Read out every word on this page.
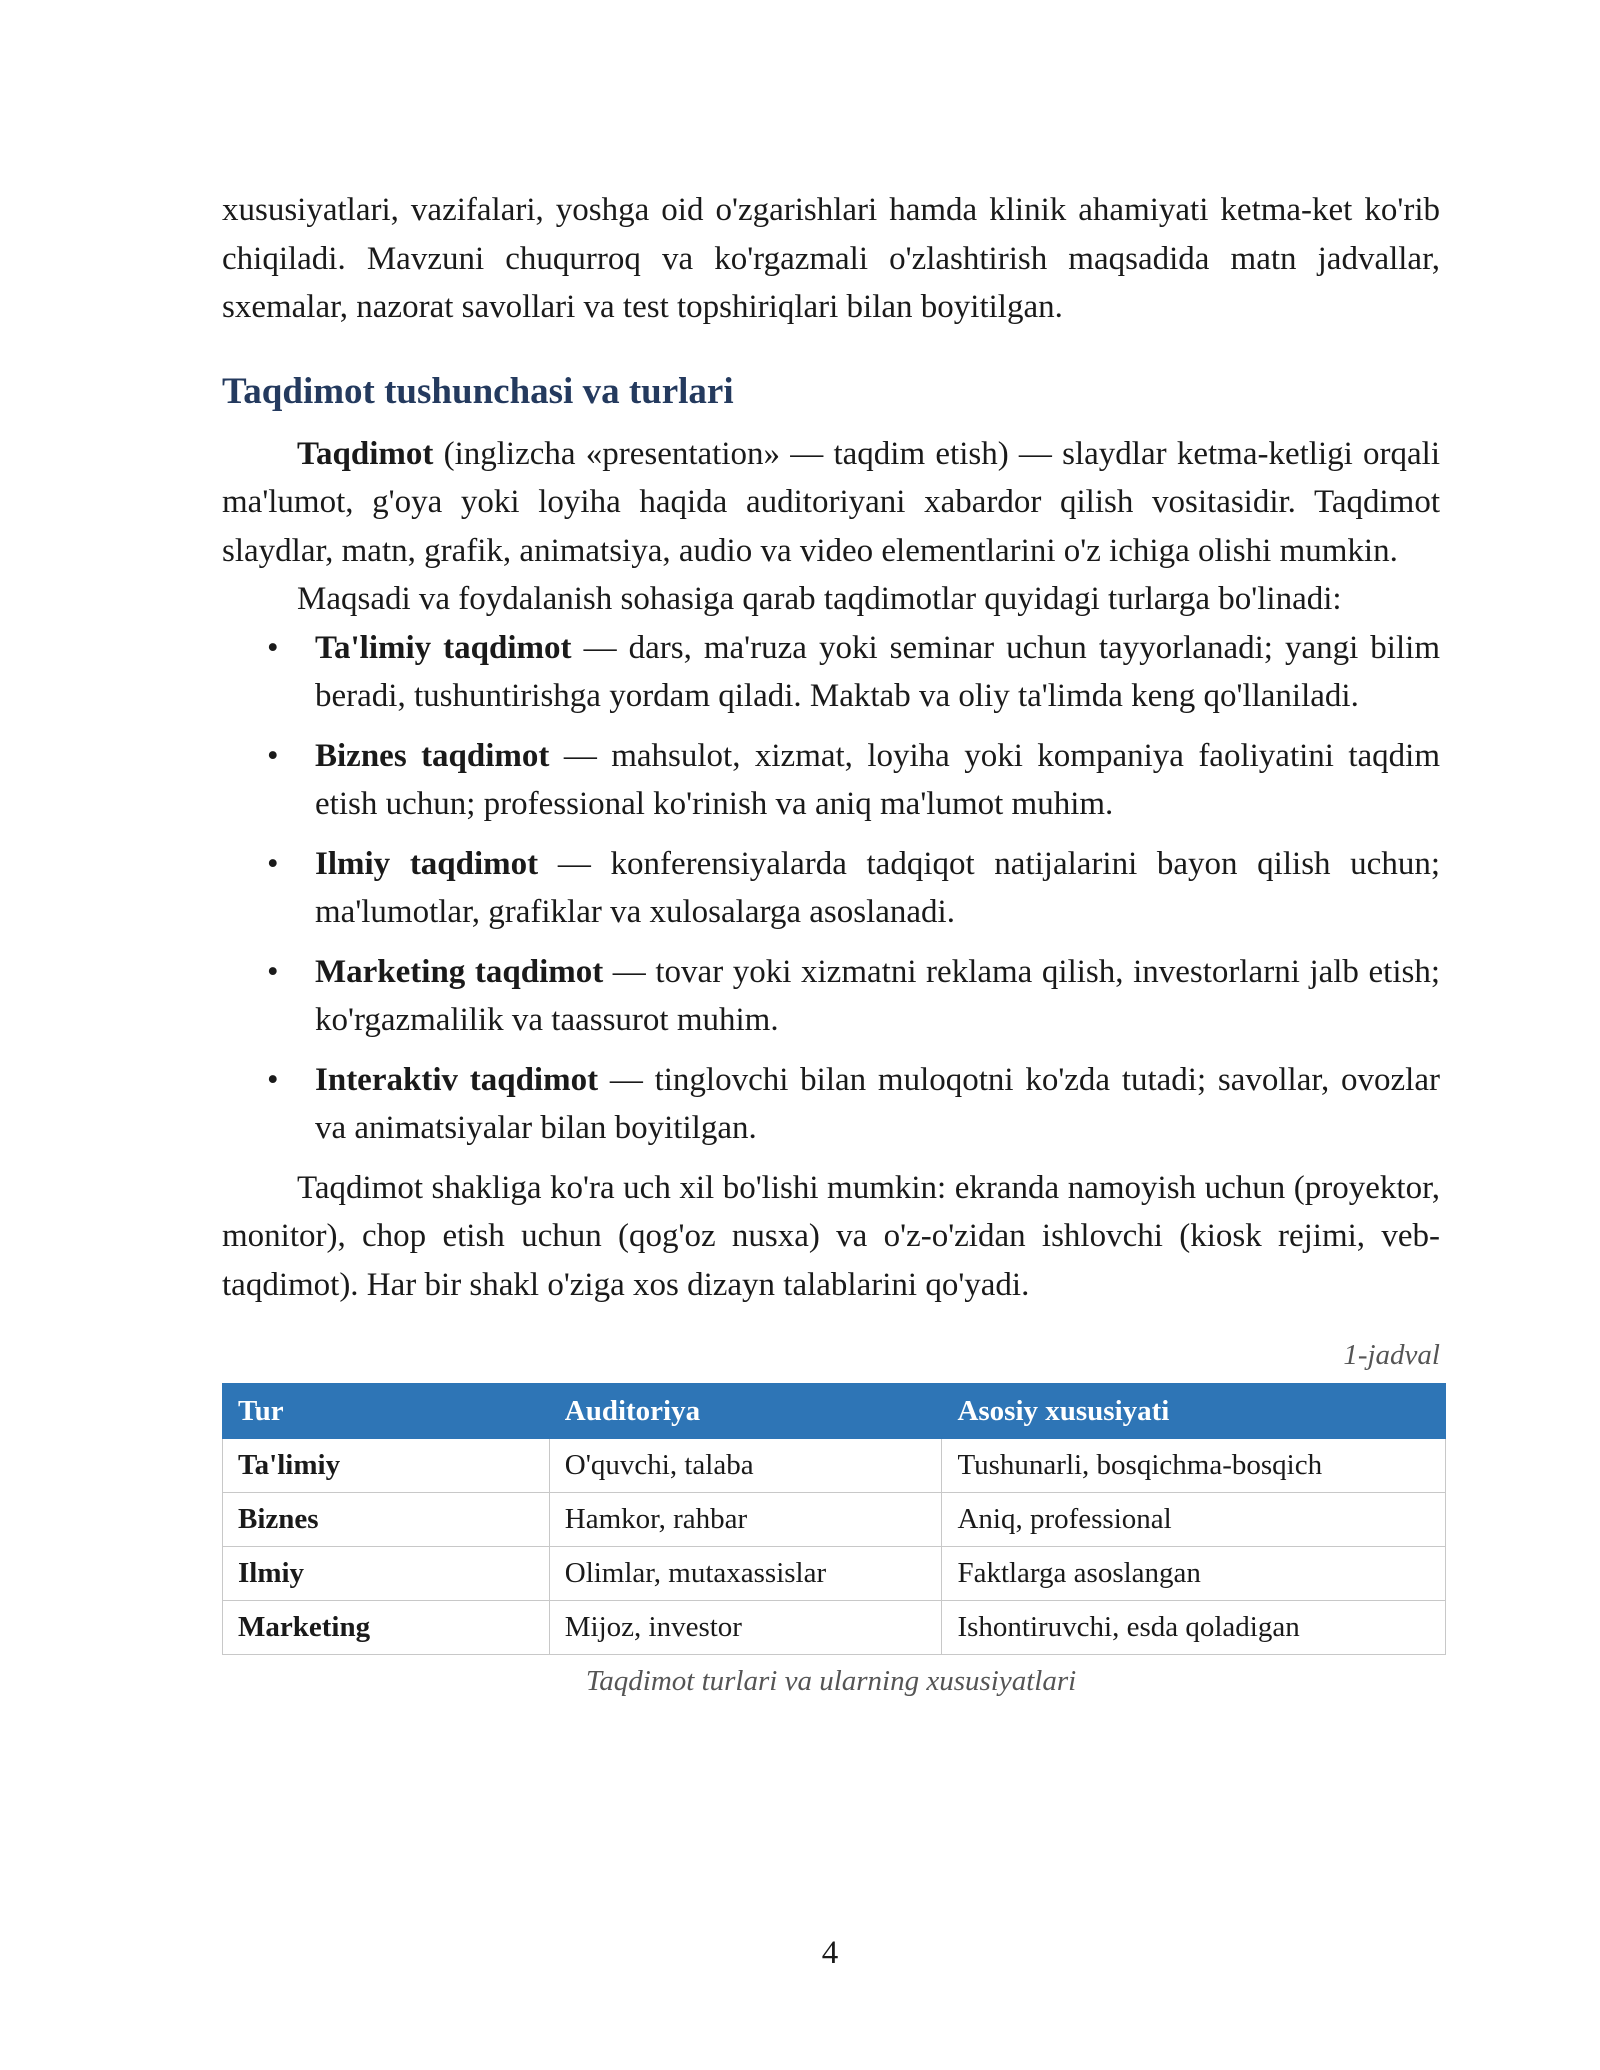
xususiyatlari, vazifalari, yoshga oid o'zgarishlari hamda klinik ahamiyati ketma-ket ko'rib chiqiladi. Mavzuni chuqurroq va ko'rgazmali o'zlashtirish maqsadida matn jadvallar, sxemalar, nazorat savollari va test topshiriqlari bilan boyitilgan.

Taqdimot tushunchasi va turlari

Taqdimot (inglizcha «presentation» — taqdim etish) — slaydlar ketma-ketligi orqali ma'lumot, g'oya yoki loyiha haqida auditoriyani xabardor qilish vositasidir. Taqdimot slaydlar, matn, grafik, animatsiya, audio va video elementlarini o'z ichiga olishi mumkin.

Maqsadi va foydalanish sohasiga qarab taqdimotlar quyidagi turlarga bo'linadi:

• Ta'limiy taqdimot — dars, ma'ruza yoki seminar uchun tayyorlanadi; yangi bilim beradi, tushuntirishga yordam qiladi. Maktab va oliy ta'limda keng qo'llaniladi.
• Biznes taqdimot — mahsulot, xizmat, loyiha yoki kompaniya faoliyatini taqdim etish uchun; professional ko'rinish va aniq ma'lumot muhim.
• Ilmiy taqdimot — konferensiyalarda tadqiqot natijalarini bayon qilish uchun; ma'lumotlar, grafiklar va xulosalarga asoslanadi.
• Marketing taqdimot — tovar yoki xizmatni reklama qilish, investorlarni jalb etish; ko'rgazmalilik va taassurot muhim.
• Interaktiv taqdimot — tinglovchi bilan muloqotni ko'zda tutadi; savollar, ovozlar va animatsiyalar bilan boyitilgan.

Taqdimot shakliga ko'ra uch xil bo'lishi mumkin: ekranda namoyish uchun (proyektor, monitor), chop etish uchun (qog'oz nusxa) va o'z-o'zidan ishlovchi (kiosk rejimi, veb-taqdimot). Har bir shakl o'ziga xos dizayn talablarini qo'yadi.

1-jadval
Tur	Auditoriya	Asosiy xususiyati
Ta'limiy	O'quvchi, talaba	Tushunarli, bosqichma-bosqich
Biznes	Hamkor, rahbar	Aniq, professional
Ilmiy	Olimlar, mutaxassislar	Faktlarga asoslangan
Marketing	Mijoz, investor	Ishontiruvchi, esda qoladigan
Taqdimot turlari va ularning xususiyatlari
4
